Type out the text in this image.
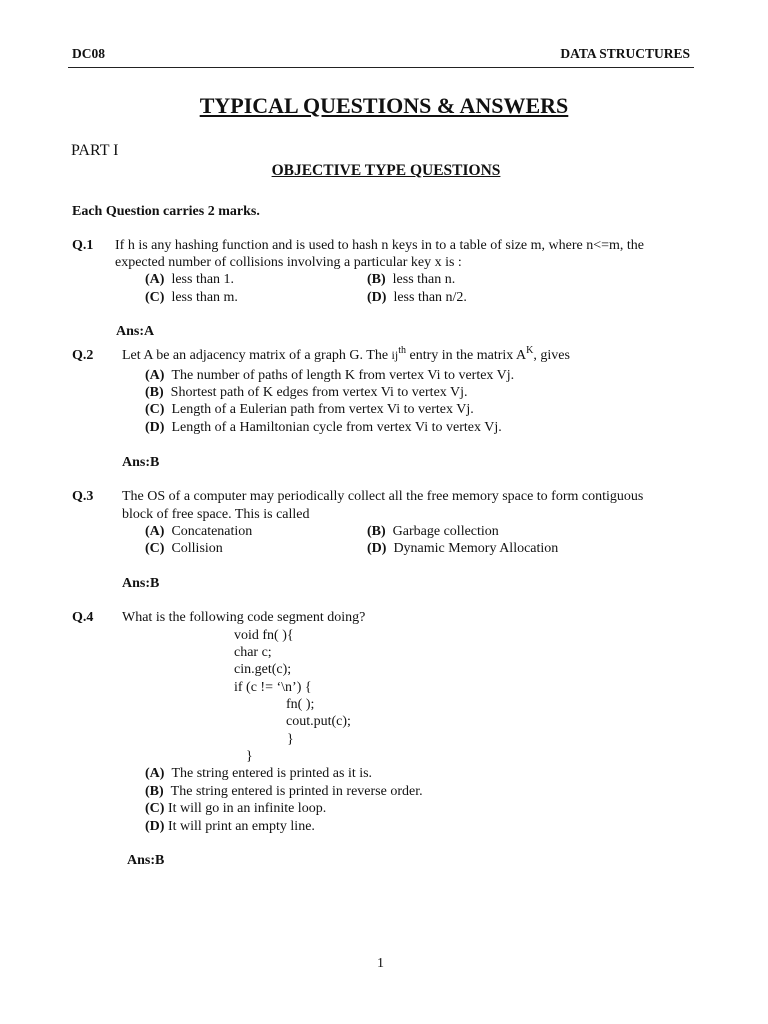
DC08	DATA STRUCTURES
TYPICAL QUESTIONS & ANSWERS
PART I
OBJECTIVE TYPE QUESTIONS
Each Question carries 2 marks.
Q.1 If h is any hashing function and is used to hash n keys in to a table of size m, where n<=m, the
expected number of collisions involving a particular key x is :
(A) less than 1.	(B) less than n.
(C) less than m.	(D) less than n/2.
Ans:A
Q.2 Let A be an adjacency matrix of a graph G. The $ij^{th}$ entry in the matrix $A^K$, gives
(A) The number of paths of length K from vertex Vi to vertex Vj.
(B) Shortest path of K edges from vertex Vi to vertex Vj.
(C) Length of a Eulerian path from vertex Vi to vertex Vj.
(D) Length of a Hamiltonian cycle from vertex Vi to vertex Vj.
Ans:B
Q.3 The OS of a computer may periodically collect all the free memory space to form contiguous
block of free space. This is called
(A) Concatenation	(B) Garbage collection
(C) Collision	(D) Dynamic Memory Allocation
Ans:B
Q.4 What is the following code segment doing?
void fn( ){
char c;
cin.get(c);
if (c != ‘\n’) {
fn( );
cout.put(c);
}
}
(A) The string entered is printed as it is.
(B) The string entered is printed in reverse order.
(C) It will go in an infinite loop.
(D) It will print an empty line.
Ans:B
1
